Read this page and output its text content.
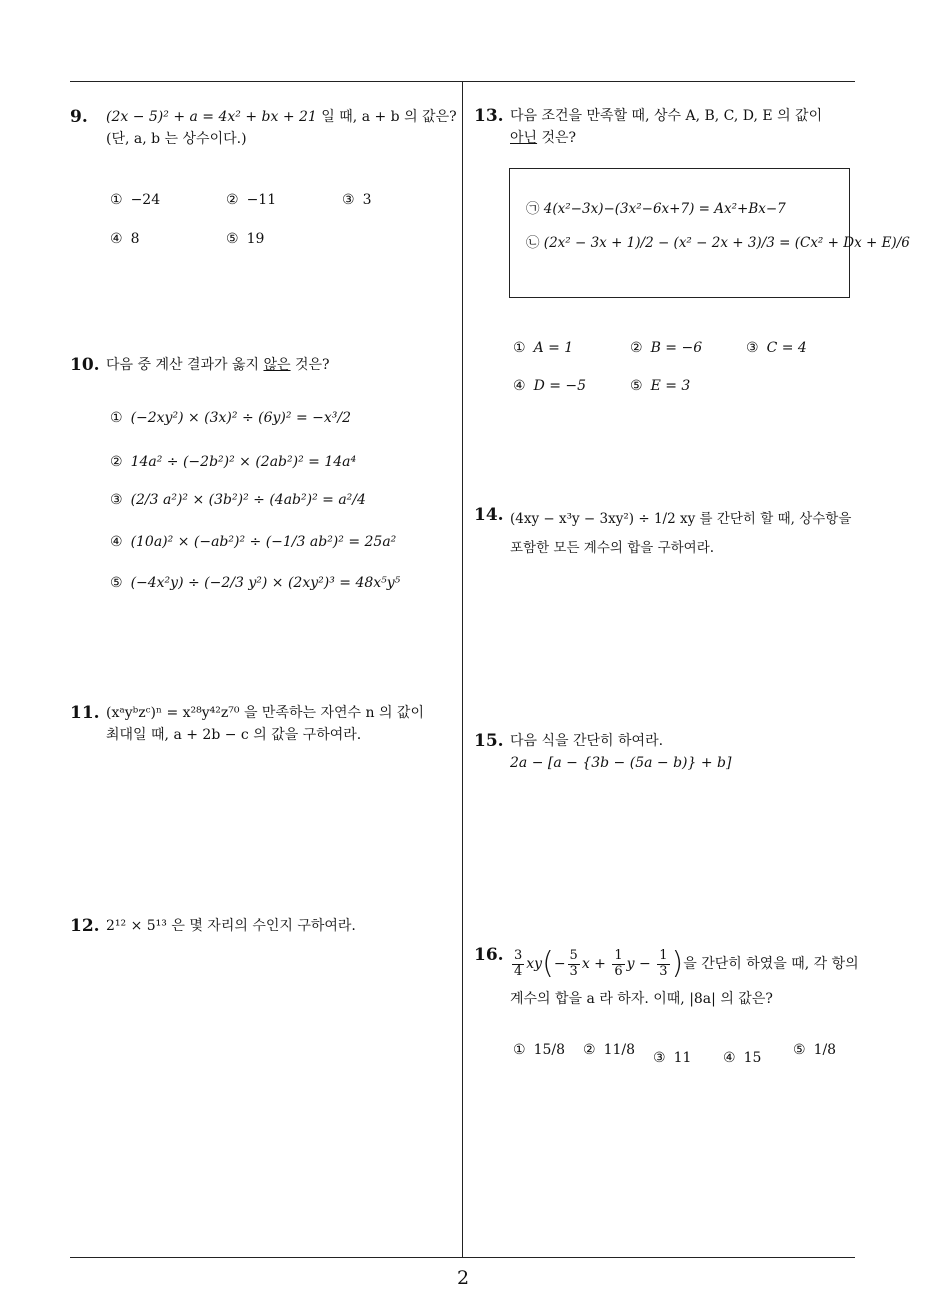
9. (2x − 5)² + a = 4x² + bx + 21 일 때, a + b 의 값은?
(단, a, b 는 상수이다.)
① −24	② −11	③ 3
④ 8	⑤ 19
10. 다음 중 계산 결과가 옳지 않은 것은?
① (−2xy²) × (3x)² ÷ (6y)² = −x³/2
② 14a² ÷ (−2b²)² × (2ab²)² = 14a⁴
③ (2/3 a²)² × (3b²)² ÷ (4ab²)² = a²/4
④ (10a)² × (−ab²)² ÷ (−1/3 ab²)² = 25a²
⑤ (−4x²y) ÷ (−2/3 y²) × (2xy²)³ = 48x⁵y⁵
11. (xᵃyᵇzᶜ)ⁿ = x²⁸y⁴²z⁷⁰ 을 만족하는 자연수 n 의 값이
최대일 때, a + 2b − c 의 값을 구하여라.
12. 2¹² × 5¹³ 은 몇 자리의 수인지 구하여라.
13. 다음 조건을 만족할 때, 상수 A, B, C, D, E 의 값이
아닌 것은?
㉠ 4(x²−3x)−(3x²−6x+7) = Ax²+Bx−7
㉡ (2x² − 3x + 1)/2 − (x² − 2x + 3)/3 = (Cx² + Dx + E)/6
① A = 1	② B = −6	③ C = 4
④ D = −5	⑤ E = 3
14. (4xy − x³y − 3xy²) ÷ 1/2 xy 를 간단히 할 때, 상수항을
포함한 모든 계수의 합을 구하여라.
15. 다음 식을 간단히 하여라.
2a − [a − {3b − (5a − b)} + b]
16. $\frac{3}{4}$ xy ( − $\frac{5}{3}$ $x + \frac{1}{6}$ $y - \frac{1}{3}$ ) 을 간단히 하였을 때, 각 항의
계수의 합을 a 라 하자. 이때, |8a| 의 값은?
① 15/8 ② 11/8 ③ 11 ④ 15 ⑤ 1/8
2
